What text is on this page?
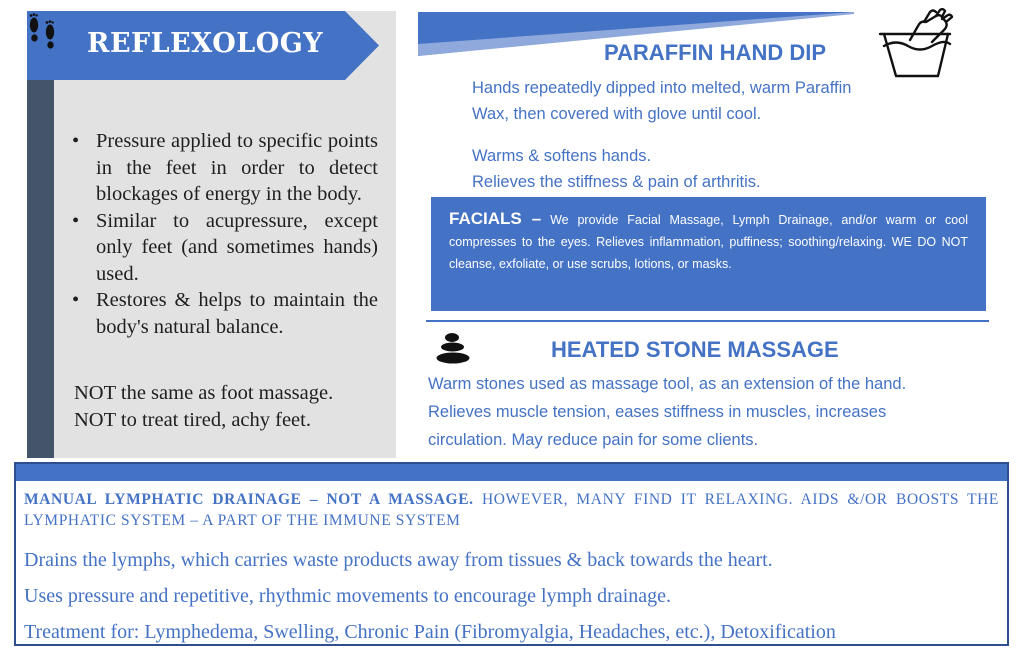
REFLEXOLOGY
• Pressure applied to specific points in the feet in order to detect blockages of energy in the body.
• Similar to acupressure, except only feet (and sometimes hands) used.
• Restores & helps to maintain the body's natural balance.
NOT the same as foot massage.
NOT to treat tired, achy feet.
PARAFFIN HAND DIP
Hands repeatedly dipped into melted, warm Paraffin
Wax, then covered with glove until cool.
Warms & softens hands.
Relieves the stiffness & pain of arthritis.
FACIALS – We provide Facial Massage, Lymph Drainage, and/or warm or cool compresses to the eyes. Relieves inflammation, puffiness; soothing/relaxing. WE DO NOT cleanse, exfoliate, or use scrubs, lotions, or masks.
HEATED STONE MASSAGE
Warm stones used as massage tool, as an extension of the hand.
Relieves muscle tension, eases stiffness in muscles, increases
circulation. May reduce pain for some clients.
MANUAL LYMPHATIC DRAINAGE – NOT A MASSAGE. HOWEVER, MANY FIND IT RELAXING. AIDS &/OR BOOSTS THE LYMPHATIC SYSTEM – A PART OF THE IMMUNE SYSTEM
Drains the lymphs, which carries waste products away from tissues & back towards the heart.
Uses pressure and repetitive, rhythmic movements to encourage lymph drainage.
Treatment for: Lymphedema, Swelling, Chronic Pain (Fibromyalgia, Headaches, etc.), Detoxification
